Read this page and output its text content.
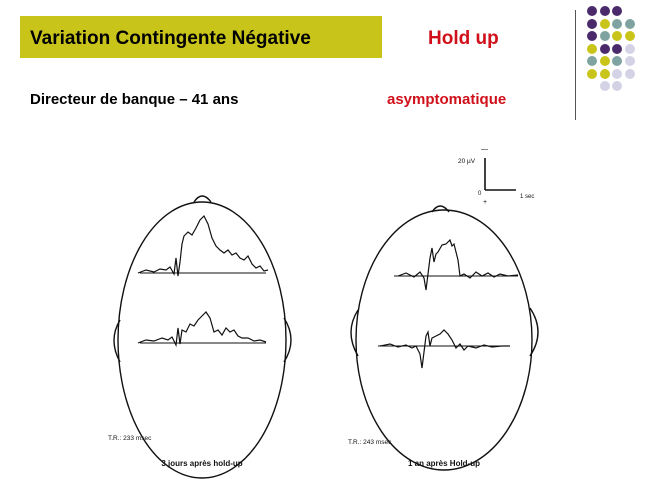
Variation Contingente Négative	Hold up
Directeur de banque – 41 ans	asymptomatique
T.R.: 233 msec
3 jours après hold-up
T.R.: 243 msec
1 an après Hold-up
—
20 µV
0	1 sec
+
